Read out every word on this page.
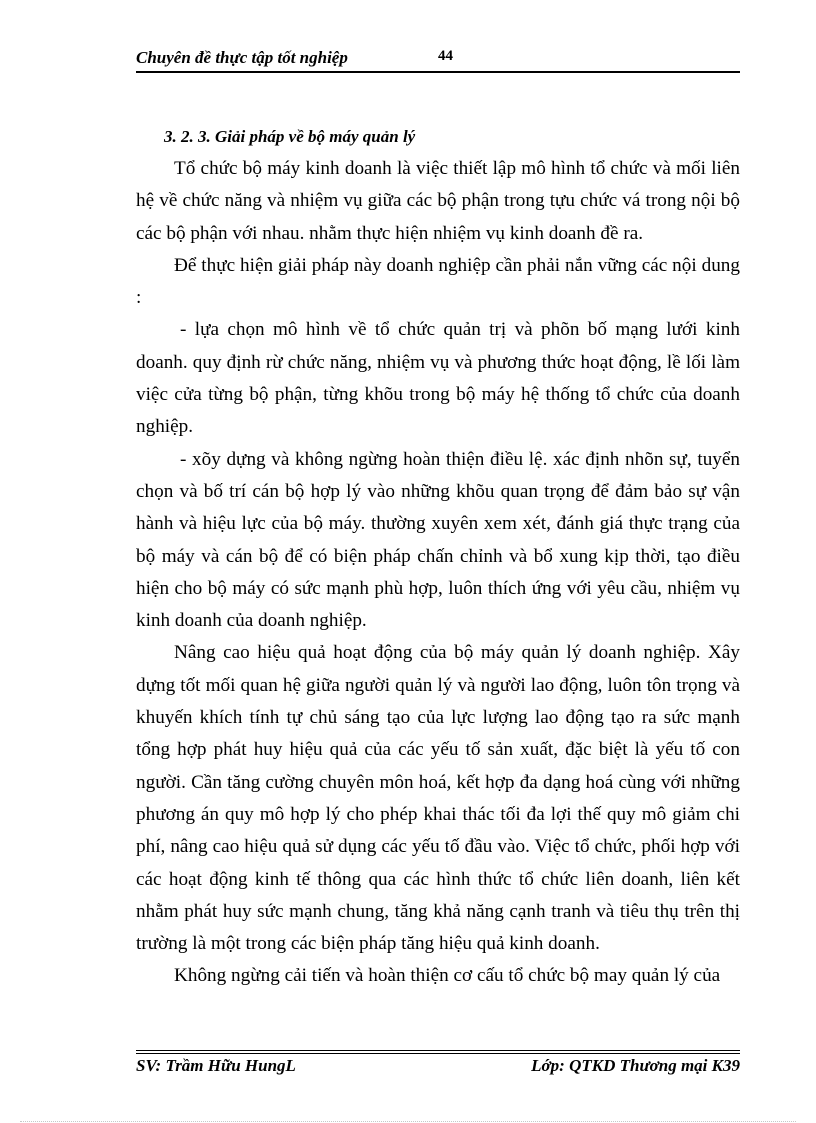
Chuyên đề thực tập tốt nghiệp	44
3. 2. 3. Giải pháp về bộ máy quản lý

Tổ chức bộ máy kinh doanh là việc thiết lập mô hình tổ chức và mối liên hệ về chức năng và nhiệm vụ giữa các bộ phận trong tựu chức vá trong nội bộ các bộ phận với nhau. nhằm thực hiện nhiệm vụ kinh doanh đề ra.

Để thực hiện giải pháp này doanh nghiệp cần phải nắn vững các nội dung :

- lựa chọn mô hình về tổ chức quản trị và phõn bố mạng lưới kinh doanh. quy định rừ chức năng, nhiệm vụ và phương thức hoạt động, lề lối làm việc cửa từng bộ phận, từng khõu trong bộ máy hệ thống tổ chức của doanh nghiệp.

- xõy dựng và không ngừng hoàn thiện điều lệ. xác định nhõn sự, tuyển chọn và bố trí cán bộ hợp lý vào những khõu quan trọng để đảm bảo sự vận hành và hiệu lực của bộ máy. thường xuyên xem xét, đánh giá thực trạng của bộ máy và cán bộ để có biện pháp chấn chỉnh và bổ xung kịp thời, tạo điều hiện cho bộ máy có sức mạnh phù hợp, luôn thích ứng với yêu cầu, nhiệm vụ kinh doanh của doanh nghiệp.

Nâng cao hiệu quả hoạt động của bộ máy quản lý doanh nghiệp. Xây dựng tốt mối quan hệ giữa người quản lý và người lao động, luôn tôn trọng và khuyến khích tính tự chủ sáng tạo của lực lượng lao động tạo ra sức mạnh tổng hợp phát huy hiệu quả của các yếu tố sản xuất, đặc biệt là yếu tố con người. Cần tăng cường chuyên môn hoá, kết hợp đa dạng hoá cùng với những phương án quy mô hợp lý cho phép khai thác tối đa lợi thế quy mô giảm chi phí, nâng cao hiệu quả sử dụng các yếu tố đầu vào. Việc tổ chức, phối hợp với các hoạt động kinh tế thông qua các hình thức tổ chức liên doanh, liên kết nhằm phát huy sức mạnh chung, tăng khả năng cạnh tranh và tiêu thụ trên thị trường là một trong các biện pháp tăng hiệu quả kinh doanh.

Không ngừng cải tiến và hoàn thiện cơ cấu tổ chức bộ may quản lý của

SV: Trầm Hữu HungL	Lớp: QTKD Thương mại K39
